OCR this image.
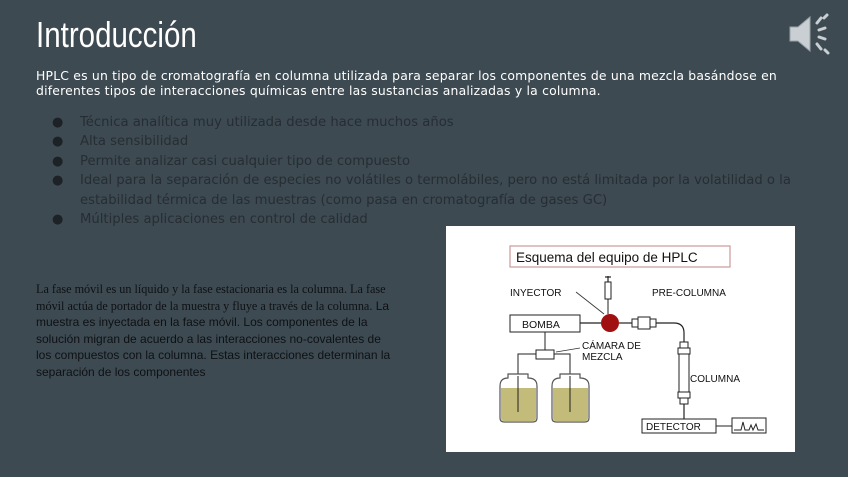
Introducción
HPLC es un tipo de cromatografía en columna utilizada para separar los componentes de una mezcla basándose en diferentes tipos de interacciones químicas entre las sustancias analizadas y la columna.
● Técnica analítica muy utilizada desde hace muchos años
● Alta sensibilidad
● Permite analizar casi cualquier tipo de compuesto
● Ideal para la separación de especies no volátiles o termolábiles, pero no está limitada por la volatilidad o la estabilidad térmica de las muestras (como pasa en cromatografía de gases GC)
● Múltiples aplicaciones en control de calidad
La fase móvil es un líquido y la fase estacionaria es la columna. La fase móvil actúa de portador de la muestra y fluye a través de la columna. La muestra es inyectada en la fase móvil. Los componentes de la solución migran de acuerdo a las interacciones no-covalentes de los compuestos con la columna. Estas interacciones determinan la separación de los componentes
Esquema del equipo de HPLC
INYECTOR
BOMBA
PRE-COLUMNA
COLUMNA
DETECTOR
CÁMARA DE
MEZCLA
